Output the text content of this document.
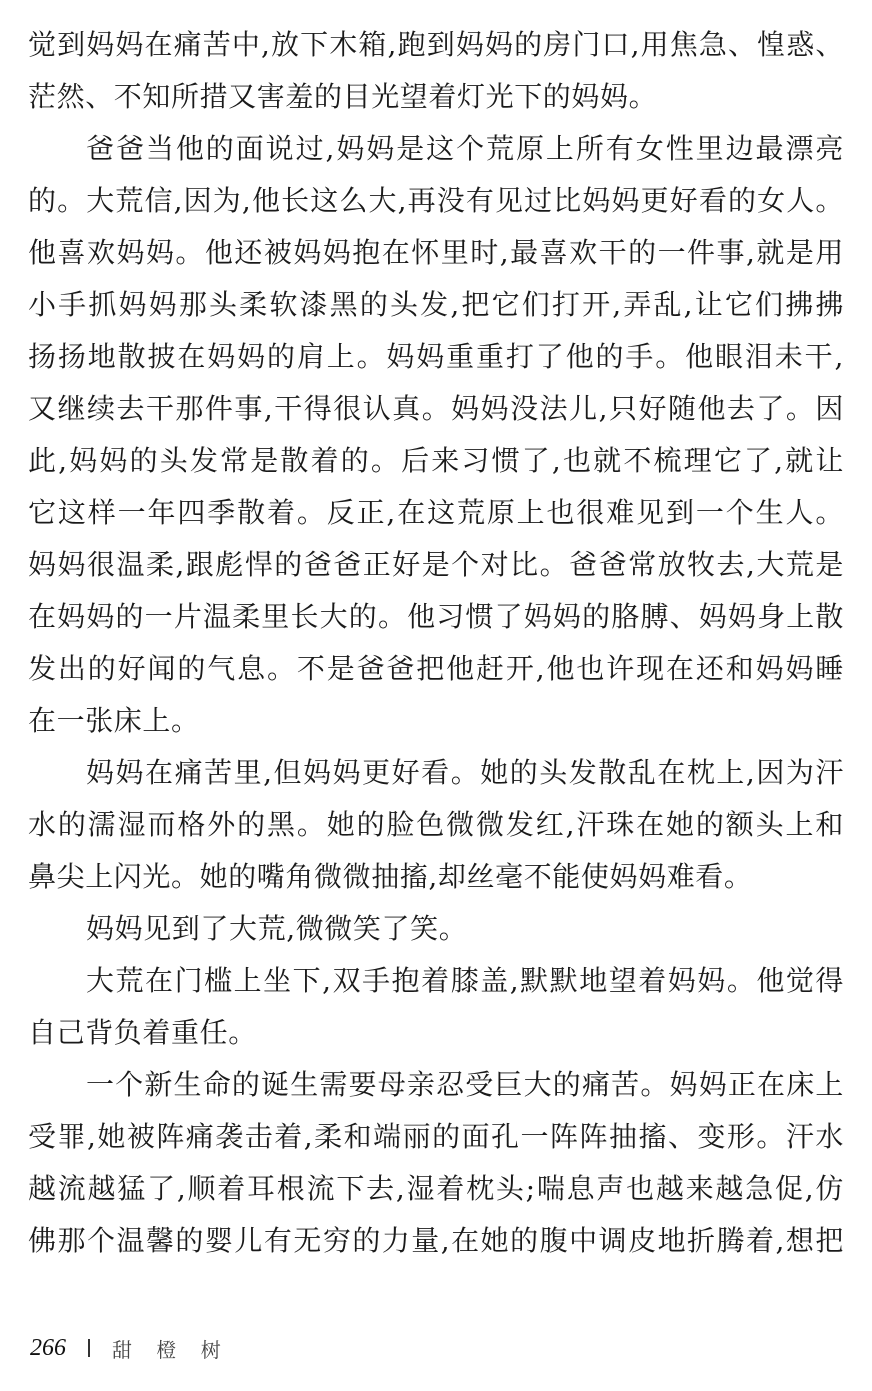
觉到妈妈在痛苦中,放下木箱,跑到妈妈的房门口,用焦急、惶惑、
茫然、不知所措又害羞的目光望着灯光下的妈妈。
爸爸当他的面说过,妈妈是这个荒原上所有女性里边最漂亮
的。大荒信,因为,他长这么大,再没有见过比妈妈更好看的女人。
他喜欢妈妈。他还被妈妈抱在怀里时,最喜欢干的一件事,就是用
小手抓妈妈那头柔软漆黑的头发,把它们打开,弄乱,让它们拂拂
扬扬地散披在妈妈的肩上。妈妈重重打了他的手。他眼泪未干,
又继续去干那件事,干得很认真。妈妈没法儿,只好随他去了。因
此,妈妈的头发常是散着的。后来习惯了,也就不梳理它了,就让
它这样一年四季散着。反正,在这荒原上也很难见到一个生人。
妈妈很温柔,跟彪悍的爸爸正好是个对比。爸爸常放牧去,大荒是
在妈妈的一片温柔里长大的。他习惯了妈妈的胳膊、妈妈身上散
发出的好闻的气息。不是爸爸把他赶开,他也许现在还和妈妈睡
在一张床上。
妈妈在痛苦里,但妈妈更好看。她的头发散乱在枕上,因为汗
水的濡湿而格外的黑。她的脸色微微发红,汗珠在她的额头上和
鼻尖上闪光。她的嘴角微微抽搐,却丝毫不能使妈妈难看。
妈妈见到了大荒,微微笑了笑。
大荒在门槛上坐下,双手抱着膝盖,默默地望着妈妈。他觉得
自己背负着重任。
一个新生命的诞生需要母亲忍受巨大的痛苦。妈妈正在床上
受罪,她被阵痛袭击着,柔和端丽的面孔一阵阵抽搐、变形。汗水
越流越猛了,顺着耳根流下去,湿着枕头;喘息声也越来越急促,仿
佛那个温馨的婴儿有无穷的力量,在她的腹中调皮地折腾着,想把
266 甜 橙 树
